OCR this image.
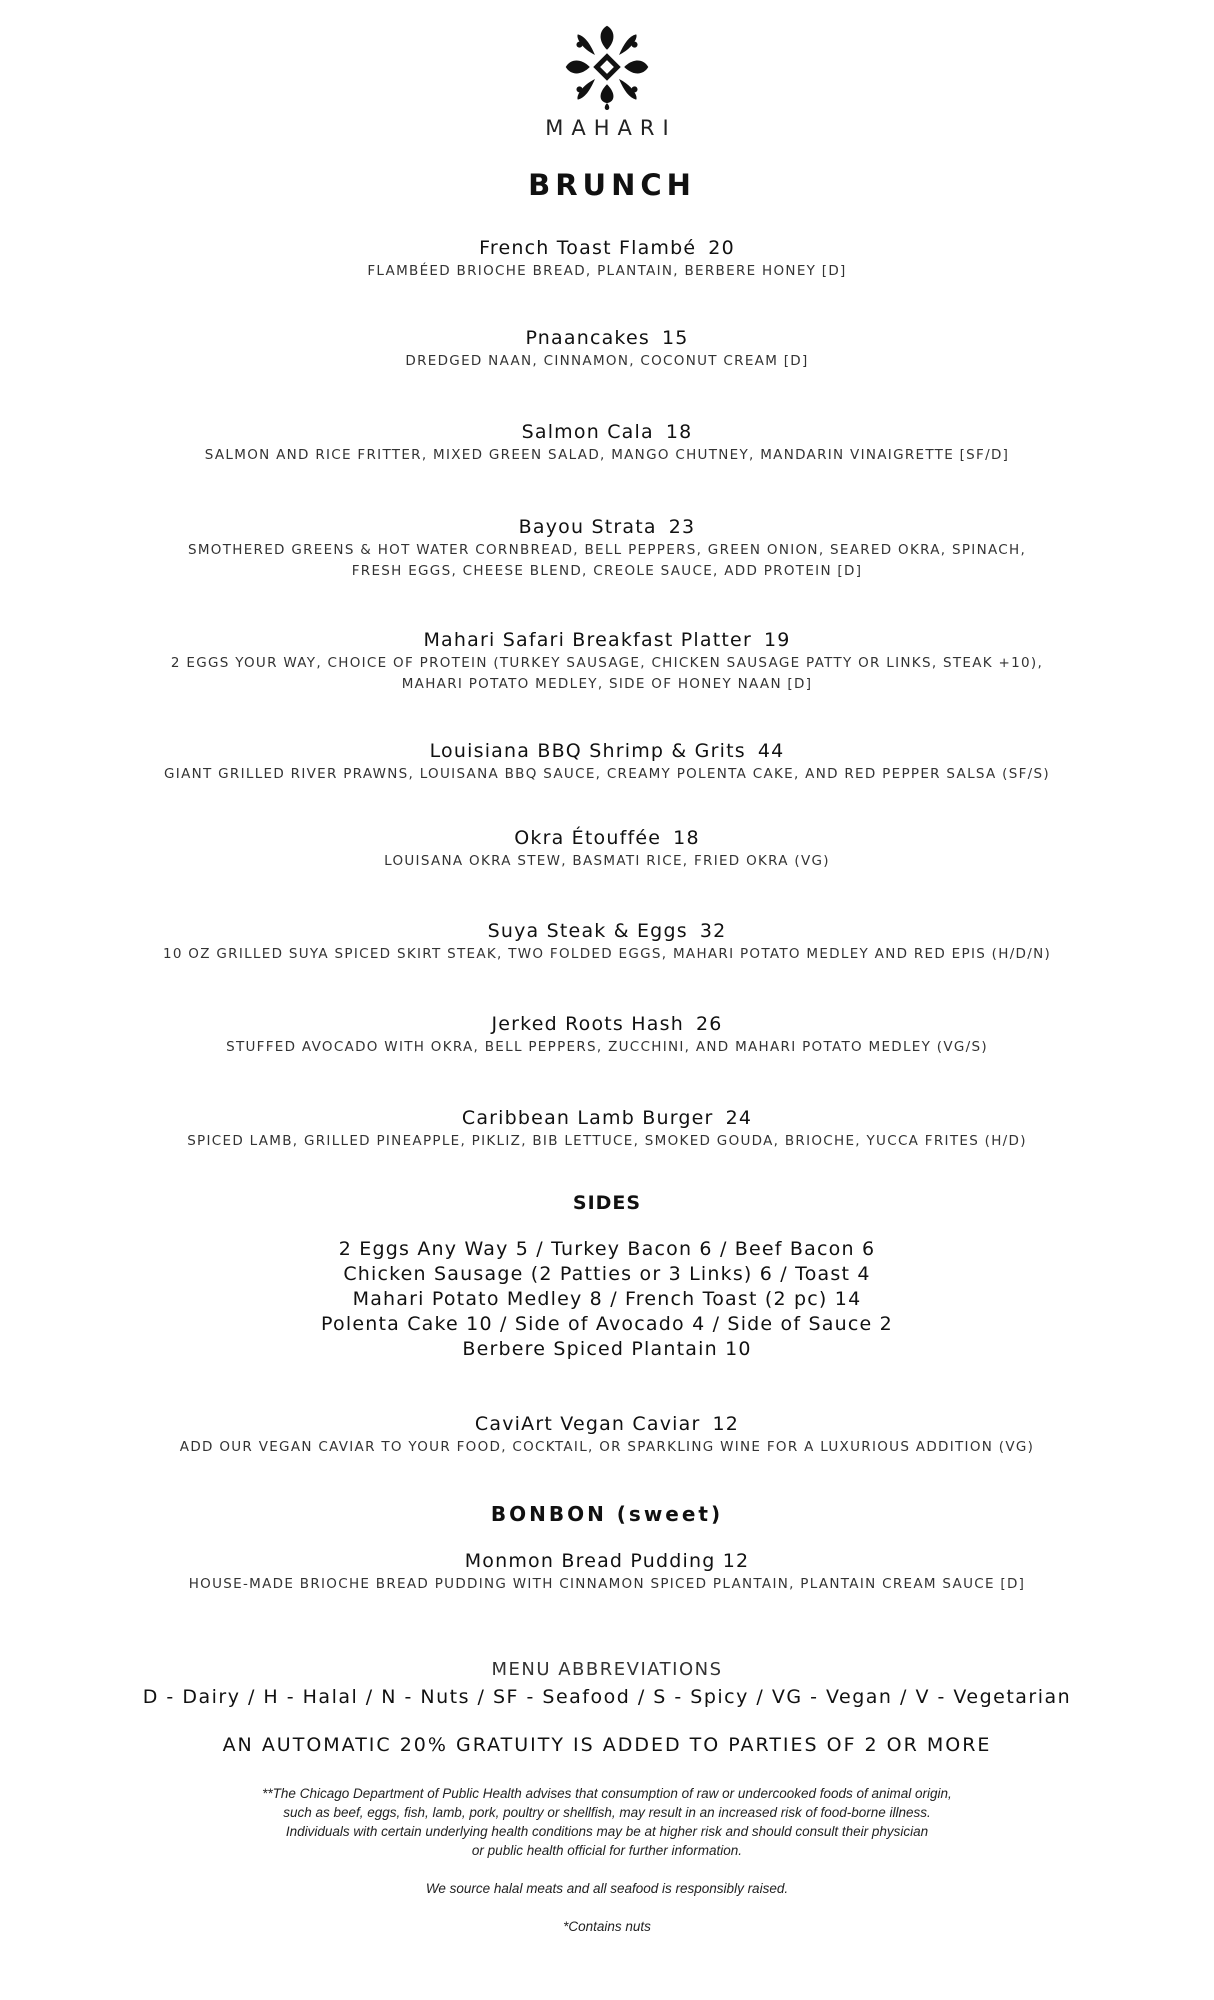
MAHARI
BRUNCH
French Toast Flambé 20
FLAMBÉED BRIOCHE BREAD, PLANTAIN, BERBERE HONEY [D]
Pnaancakes 15
DREDGED NAAN, CINNAMON, COCONUT CREAM [D]
Salmon Cala 18
SALMON AND RICE FRITTER, MIXED GREEN SALAD, MANGO CHUTNEY, MANDARIN VINAIGRETTE [SF/D]
Bayou Strata 23
SMOTHERED GREENS & HOT WATER CORNBREAD, BELL PEPPERS, GREEN ONION, SEARED OKRA, SPINACH,
FRESH EGGS, CHEESE BLEND, CREOLE SAUCE, ADD PROTEIN [D]
Mahari Safari Breakfast Platter 19
2 EGGS YOUR WAY, CHOICE OF PROTEIN (TURKEY SAUSAGE, CHICKEN SAUSAGE PATTY OR LINKS, STEAK +10),
MAHARI POTATO MEDLEY, SIDE OF HONEY NAAN [D]
Louisiana BBQ Shrimp & Grits 44
GIANT GRILLED RIVER PRAWNS, LOUISANA BBQ SAUCE, CREAMY POLENTA CAKE, AND RED PEPPER SALSA (SF/S)
Okra Étouffée 18
LOUISANA OKRA STEW, BASMATI RICE, FRIED OKRA (VG)
Suya Steak & Eggs 32
10 OZ GRILLED SUYA SPICED SKIRT STEAK, TWO FOLDED EGGS, MAHARI POTATO MEDLEY AND RED EPIS (H/D/N)
Jerked Roots Hash 26
STUFFED AVOCADO WITH OKRA, BELL PEPPERS, ZUCCHINI, AND MAHARI POTATO MEDLEY (VG/S)
Caribbean Lamb Burger 24
SPICED LAMB, GRILLED PINEAPPLE, PIKLIZ, BIB LETTUCE, SMOKED GOUDA, BRIOCHE, YUCCA FRITES (H/D)
SIDES
2 Eggs Any Way 5 / Turkey Bacon 6 / Beef Bacon 6
Chicken Sausage (2 Patties or 3 Links) 6 / Toast 4
Mahari Potato Medley 8 / French Toast (2 pc) 14
Polenta Cake 10 / Side of Avocado 4 / Side of Sauce 2
Berbere Spiced Plantain 10
CaviArt Vegan Caviar 12
ADD OUR VEGAN CAVIAR TO YOUR FOOD, COCKTAIL, OR SPARKLING WINE FOR A LUXURIOUS ADDITION (VG)
BONBON (sweet)
Monmon Bread Pudding 12
HOUSE-MADE BRIOCHE BREAD PUDDING WITH CINNAMON SPICED PLANTAIN, PLANTAIN CREAM SAUCE [D]
MENU ABBREVIATIONS
D - Dairy / H - Halal / N - Nuts / SF - Seafood / S - Spicy / VG - Vegan / V - Vegetarian
AN AUTOMATIC 20% GRATUITY IS ADDED TO PARTIES OF 2 OR MORE
**The Chicago Department of Public Health advises that consumption of raw or undercooked foods of animal origin,
such as beef, eggs, fish, lamb, pork, poultry or shellfish, may result in an increased risk of food-borne illness.
Individuals with certain underlying health conditions may be at higher risk and should consult their physician
or public health official for further information.
We source halal meats and all seafood is responsibly raised.
*Contains nuts
